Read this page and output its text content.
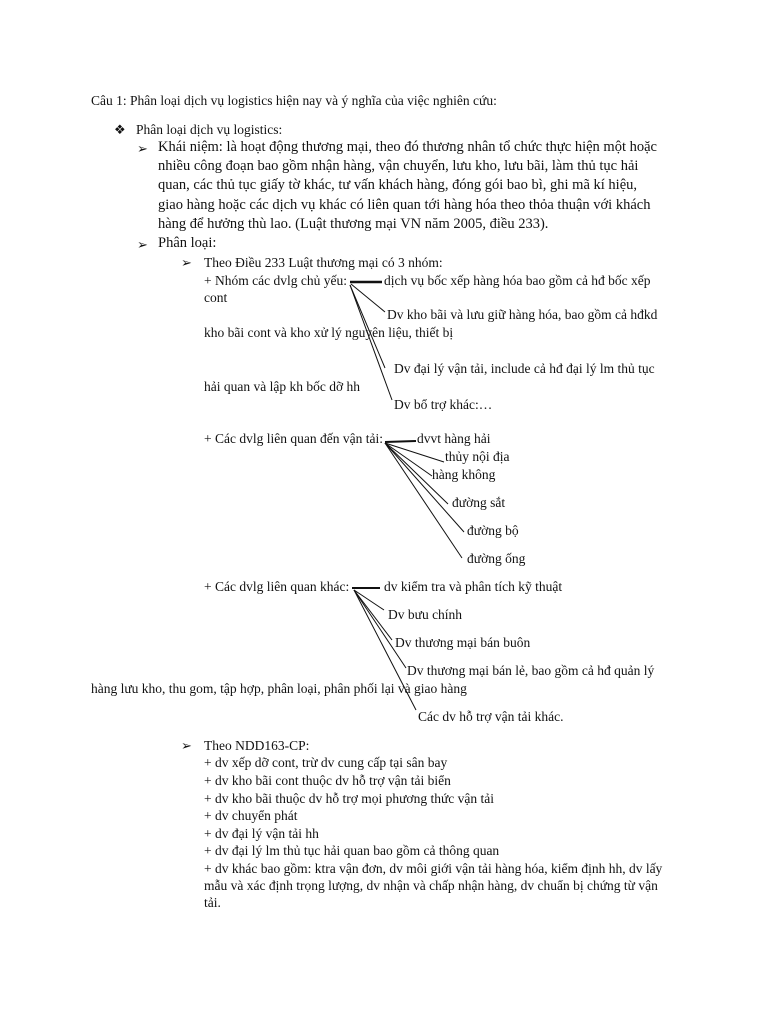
Câu 1: Phân loại dịch vụ logistics hiện nay và ý nghĩa của việc nghiên cứu:
❖ Phân loại dịch vụ logistics:
➢ Khái niệm: là hoạt động thương mại, theo đó thương nhân tổ chức thực hiện một hoặc
nhiều công đoạn bao gồm nhận hàng, vận chuyển, lưu kho, lưu bãi, làm thủ tục hải
quan, các thủ tục giấy tờ khác, tư vấn khách hàng, đóng gói bao bì, ghi mã kí hiệu,
giao hàng hoặc các dịch vụ khác có liên quan tới hàng hóa theo thỏa thuận với khách
hàng để hưởng thù lao. (Luật thương mại VN năm 2005, điều 233).
➢ Phân loại:
➢ Theo Điều 233 Luật thương mại có 3 nhóm:
+ Nhóm các dvlg chủ yếu:	dịch vụ bốc xếp hàng hóa bao gồm cả hđ bốc xếp
cont
Dv kho bãi và lưu giữ hàng hóa, bao gồm cả hđkd
kho bãi cont và kho xử lý nguyên liệu, thiết bị
Dv đại lý vận tải, include cả hđ đại lý lm thủ tục
hải quan và lập kh bốc dỡ hh
Dv bổ trợ khác:…
+ Các dvlg liên quan đến vận tải:	dvvt hàng hải
thủy nội địa
hàng không
đường sắt
đường bộ
đường ống
+ Các dvlg liên quan khác:	dv kiểm tra và phân tích kỹ thuật
Dv bưu chính
Dv thương mại bán buôn
Dv thương mại bán lẻ, bao gồm cả hđ quản lý
hàng lưu kho, thu gom, tập hợp, phân loại, phân phối lại và giao hàng
Các dv hỗ trợ vận tải khác.
➢ Theo NDD163-CP:
+ dv xếp dỡ cont, trừ dv cung cấp tại sân bay
+ dv kho bãi cont thuộc dv hỗ trợ vận tải biển
+ dv kho bãi thuộc dv hỗ trợ mọi phương thức vận tải
+ dv chuyển phát
+ dv đại lý vận tải hh
+ dv đại lý lm thủ tục hải quan bao gồm cả thông quan
+ dv khác bao gồm: ktra vận đơn, dv môi giới vận tải hàng hóa, kiểm định hh, dv lấy
mẫu và xác định trọng lượng, dv nhận và chấp nhận hàng, dv chuẩn bị chứng từ vận
tải.
